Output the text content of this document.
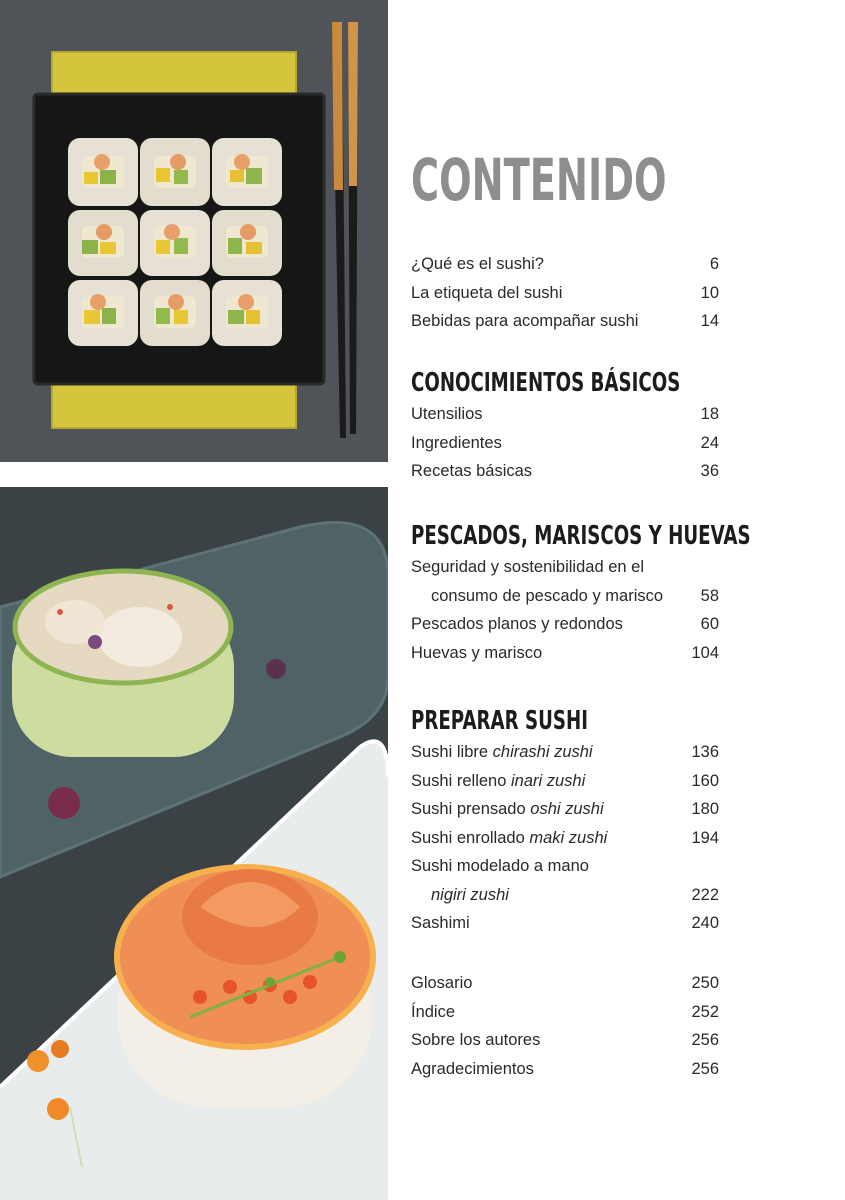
CONTENIDO
¿Qué es el sushi?	6
La etiqueta del sushi	10
Bebidas para acompañar sushi	14
CONOCIMIENTOS BÁSICOS
Utensilios	18
Ingredientes	24
Recetas básicas	36
PESCADOS, MARISCOS Y HUEVAS
Seguridad y sostenibilidad en el
consumo de pescado y marisco 58
Pescados planos y redondos	60
Huevas y marisco	104
PREPARAR SUSHI
Sushi libre chirashi zushi	136
Sushi relleno inari zushi	160
Sushi prensado oshi zushi	180
Sushi enrollado maki zushi	194
Sushi modelado a mano
nigiri zushi	222
Sashimi	240
Glosario	250
Índice	252
Sobre los autores	256
Agradecimientos	256
